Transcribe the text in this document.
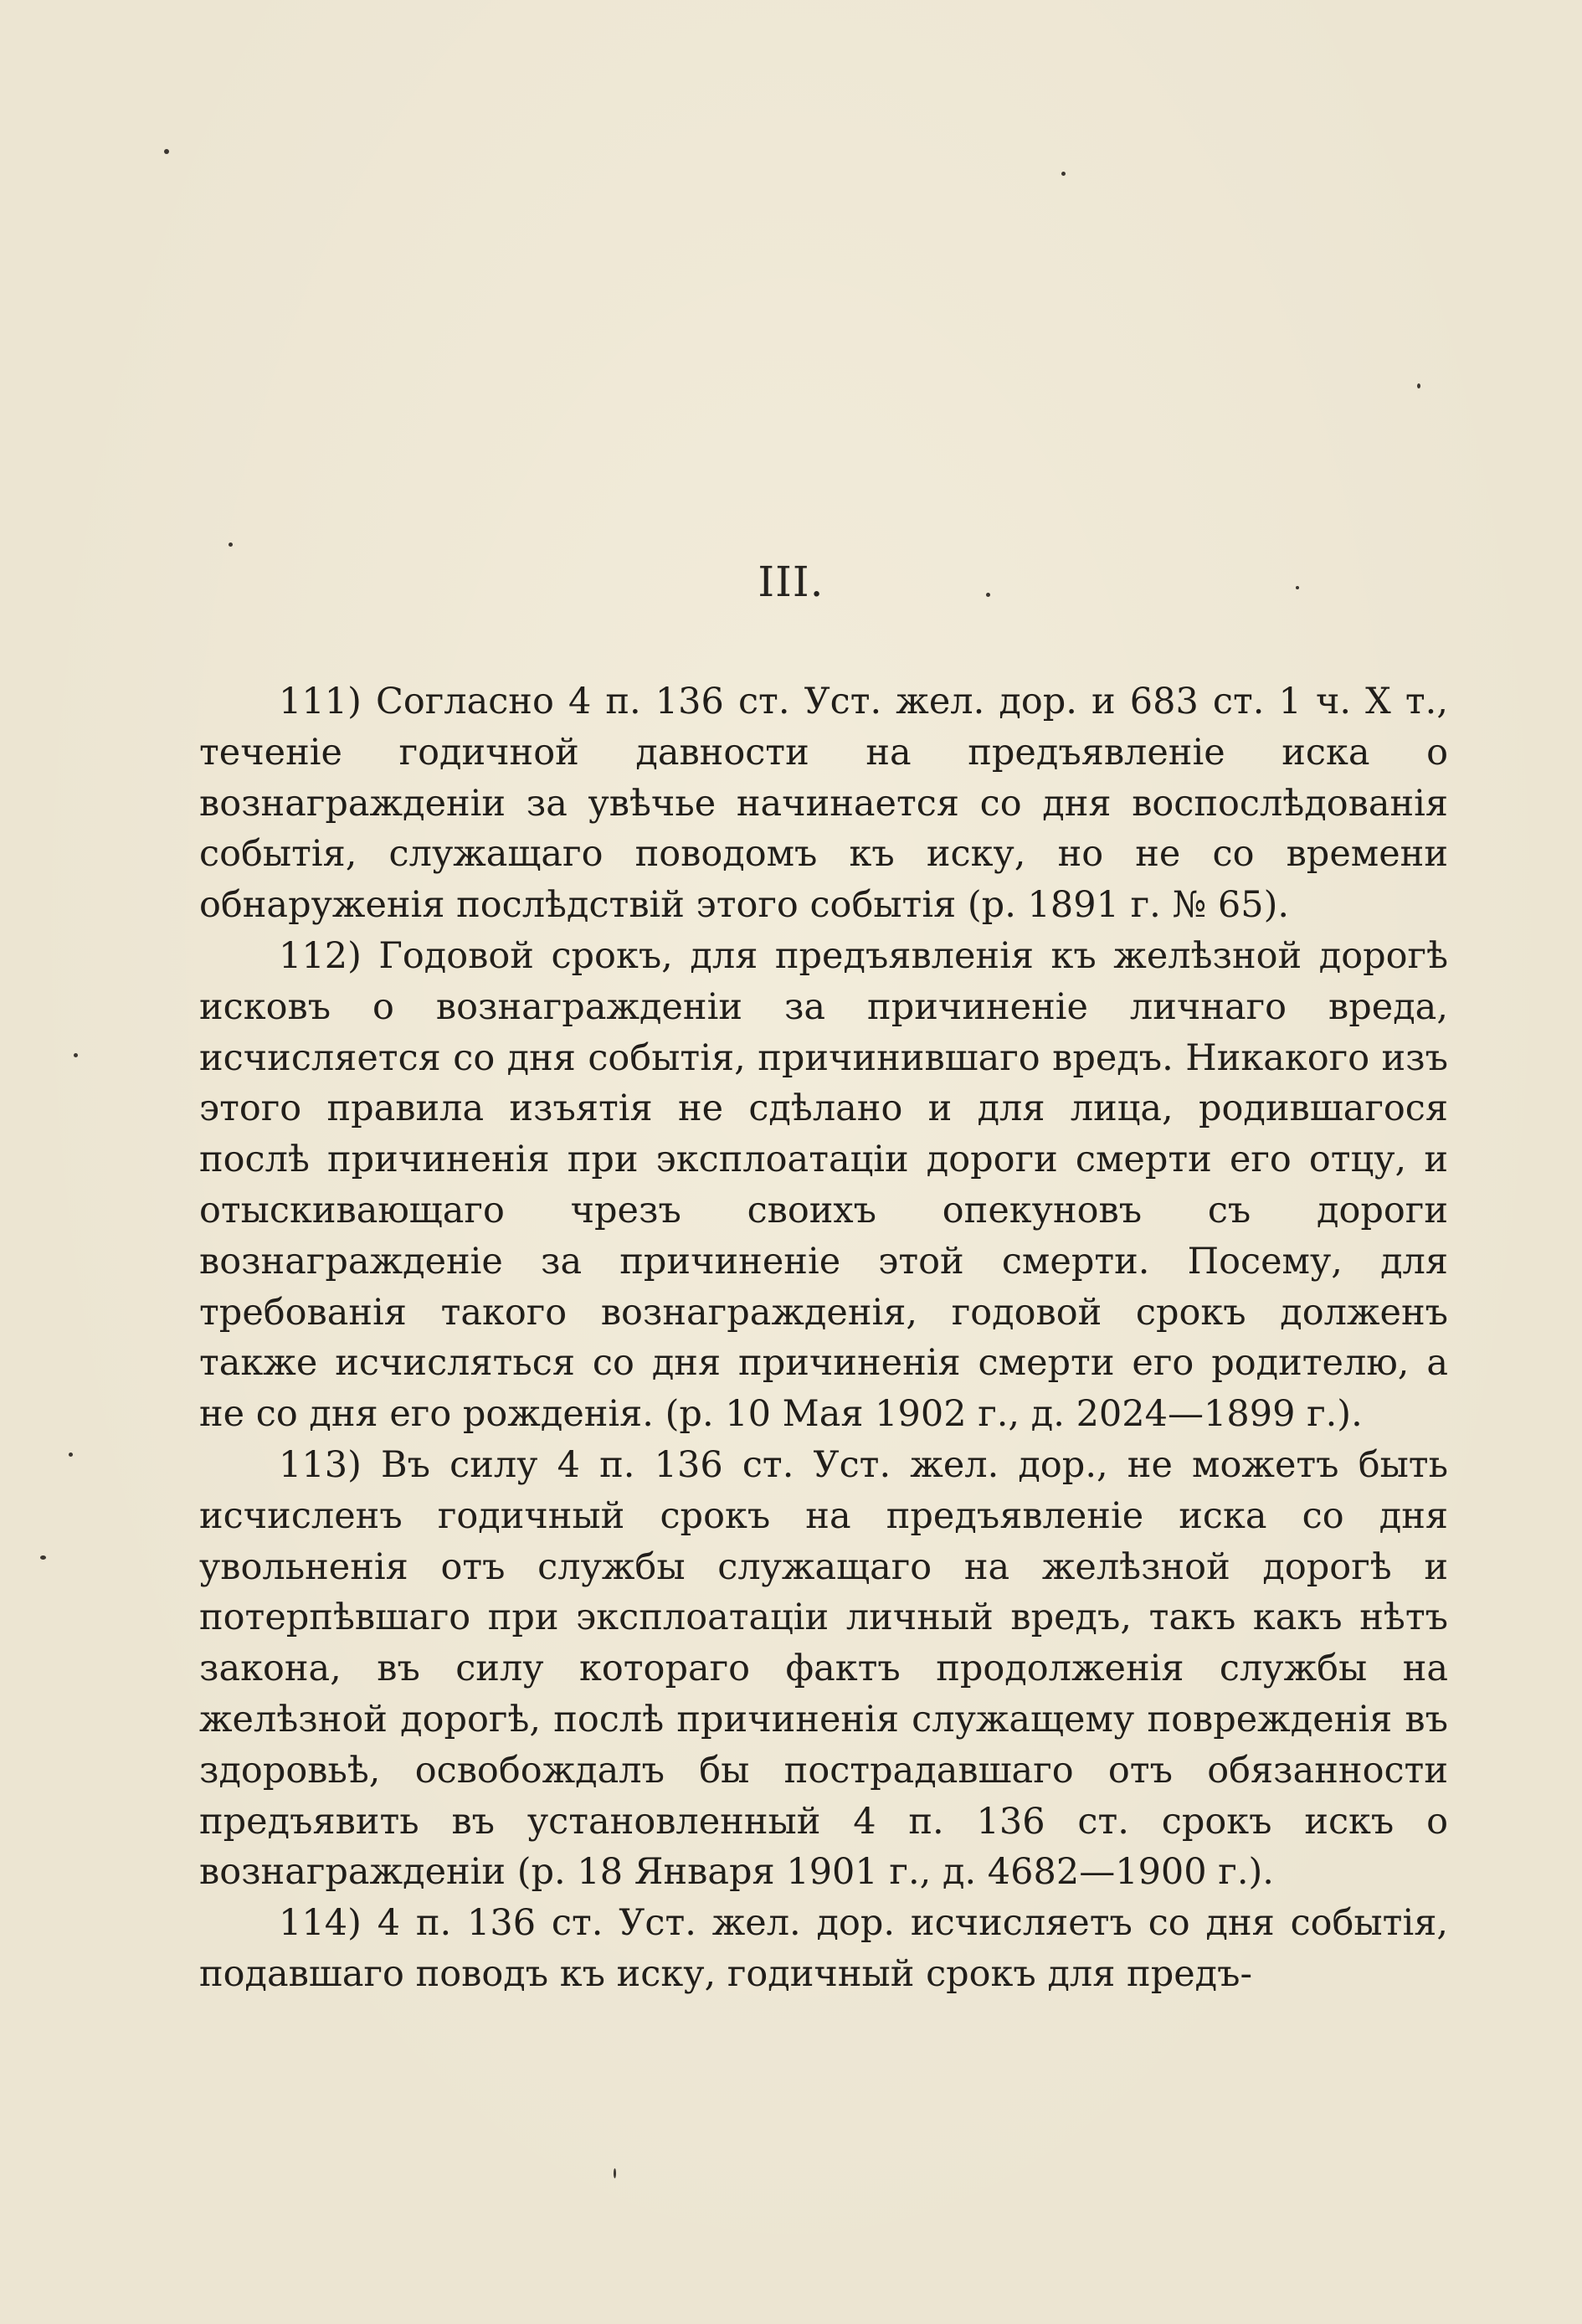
III.

111) Согласно 4 п. 136 ст. Уст. жел. дор. и 683 ст. 1 ч. X т., теченіе годичной давности на предъявленіе иска о вознагражденіи за увѣчье начинается со дня воспослѣдованія событія, служащаго поводомъ къ иску, но не со времени обнаруженія послѣдствій этого событія (р. 1891 г. № 65).

112) Годовой срокъ, для предъявленія къ желѣзной дорогѣ исковъ о вознагражденіи за причиненіе личнаго вреда, исчисляется со дня событія, причинившаго вредъ. Никакого изъ этого правила изъятія не сдѣлано и для лица, родившагося послѣ причиненія при эксплоатаціи дороги смерти его отцу, и отыскивающаго чрезъ своихъ опекуновъ съ дороги вознагражденіе за причиненіе этой смерти. Посему, для требованія такого вознагражденія, годовой срокъ долженъ также исчисляться со дня причиненія смерти его родителю, а не со дня его рожденія. (р. 10 Мая 1902 г., д. 2024—1899 г.).

113) Въ силу 4 п. 136 ст. Уст. жел. дор., не можетъ быть исчисленъ годичный срокъ на предъявленіе иска со дня увольненія отъ службы служащаго на желѣзной дорогѣ и потерпѣвшаго при эксплоатаціи личный вредъ, такъ какъ нѣтъ закона, въ силу котораго фактъ продолженія службы на желѣзной дорогѣ, послѣ причиненія служащему поврежденія въ здоровьѣ, освобождалъ бы пострадавшаго отъ обязанности предъявить въ установленный 4 п. 136 ст. срокъ искъ о вознагражденіи (р. 18 Января 1901 г., д. 4682—1900 г.).

114) 4 п. 136 ст. Уст. жел. дор. исчисляетъ со дня событія, подавшаго поводъ къ иску, годичный срокъ для предъ-
